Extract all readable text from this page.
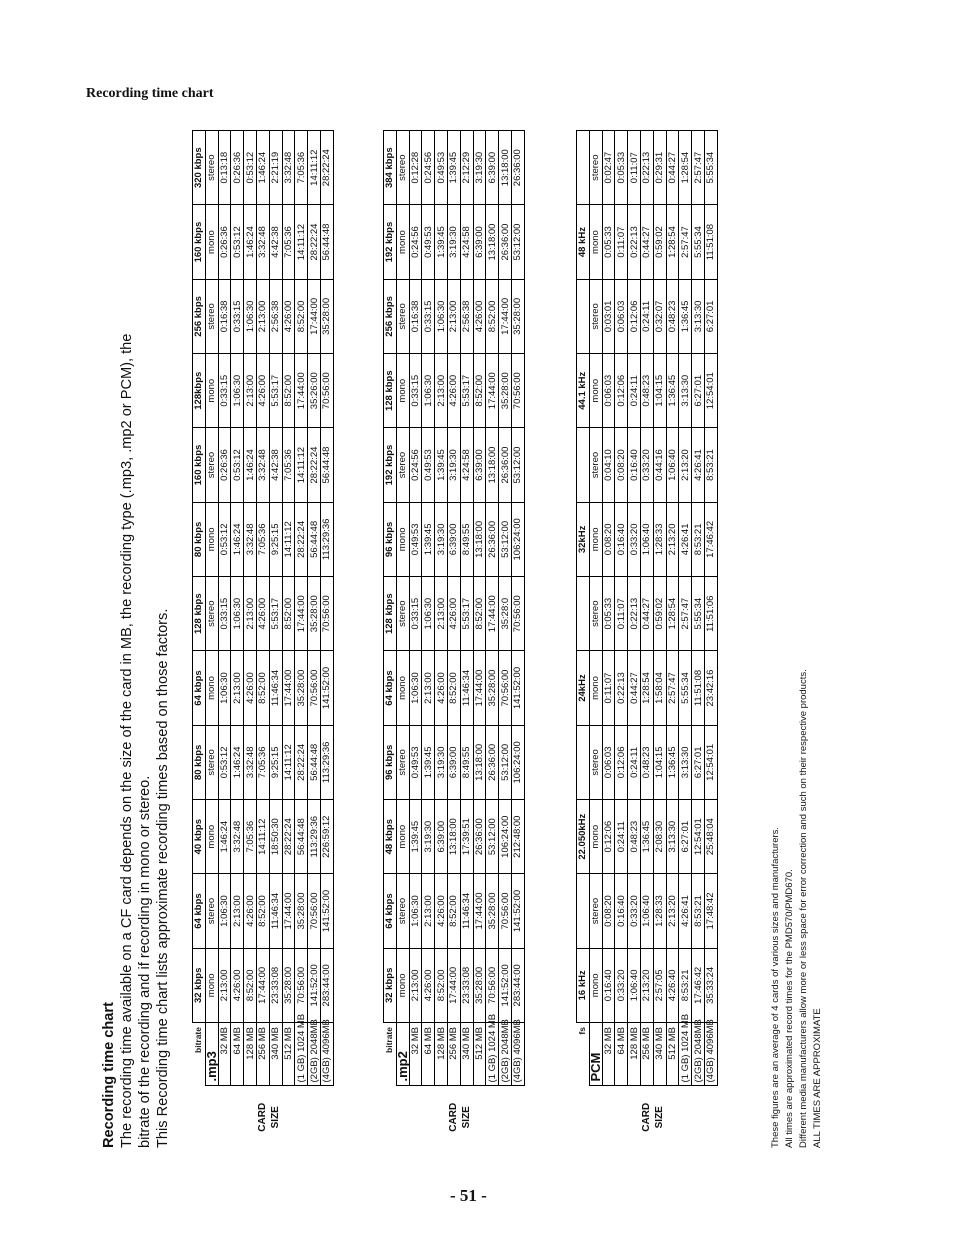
Recording time chart
Recording time chart The recording time available on a CF card depends on the size of the card in MB, the recording type (.mp3, .mp2 or PCM), the bitrate of the recording and if recording in mono or stereo. This Recording time chart lists approximate recording times based on those factors.

		bitrate	32 kbps	64 kbps	40 kbps	80 kbps	64 kbps	128 kbps	80 kbps	160 kbps	128kbps	256 kbps	160 kbps	320 kbps
	.mp3	mono	stereo	mono	stereo	mono	stereo	mono	stereo	mono	stereo	mono	stereo
	32 MB	2:13:00	1:06:30	1:46:24	0:53:12	1:06:30	0:33:15	0:53:12	0:26:36	0:33:15	0:16:38	0:26:36	0:13:18
	64 MB	4:26:00	2:13:00	3:32:48	1:46:24	2:13:00	1:06:30	1:46:24	0:53:12	1:06:30	0:33:15	0:53:12	0:26:36
	128 MB	8:52:00	4:26:00	7:05:36	3:32:48	4:26:00	2:13:00	3:32:48	1:46:24	2:13:00	1:06:30	1:46:24	0:53:12

CARD	256 MB	17:44:00	8:52:00	14:11:12	7:05:36	8:52:00	4:26:00	7:05:36	3:32:48	4:26:00	2:13:00	3:32:48	1:46:24

SIZE	340 MB	23:33:08	11:46:34	18:50:30	9:25:15	11:46:34	5:53:17	9:25:15	4:42:38	5:53:17	2:56:38	4:42:38	2:21:19
	512 MB	35:28:00	17:44:00	28:22:24	14:11:12	17:44:00	8:52:00	14:11:12	7:05:36	8:52:00	4:26:00	7:05:36	3:32:48
	(1 GB) 1024 MB	70:56:00	35:28:00	56:44:48	28:22:24	35:28:00	17:44:00	28:22:24	14:11:12	17:44:00	8:52:00	14:11:12	7:05:36
	(2GB) 2048MB	141:52:00	70:56:00	113:29:36	56:44:48	70:56:00	35:28:00	56:44:48	28:22:24	35:26:00	17:44:00	28:22:24	14:11:12
	(4GB) 4096MB	283:44:00	141:52:00	226:59:12	113:29:36	141:52:00	70:56:00	113:29:36	56:44:48	70:56:00	35:28:00	56:44:48	28:22:24
	bitrate	32 kbps	64 kbps	48 kbps	96 kbps	64 kbps	128 kbps	96 kbps	192 kbps	128 kbps	256 kbps	192 kbps	384 kbps
	.mp2	mono	stereo	mono	stereo	mono	stereo	mono	stereo	mono	stereo	mono	stereo
	32 MB	2:13:00	1:06:30	1:39:45	0:49:53	1:06:30	0:33:15	0:49:53	0:24:56	0:33:15	0:16:38	0:24:56	0:12:28
	64 MB	4:26:00	2:13:00	3:19:30	1:39:45	2:13:00	1:06:30	1:39:45	0:49:53	1:06:30	0:33:15	0:49:53	0:24:56
	128 MB	8:52:00	4:26:00	6:39:00	3:19:30	4:26:00	2:13:00	3:19:30	1:39:45	2:13:00	1:06:30	1:39:45	0:49:53

CARD	256 MB	17:44:00	8:52:00	13:18:00	6:39:00	8:52:00	4:26:00	6:39:00	3:19:30	4:26:00	2:13:00	3:19:30	1:39:45

SIZE	340 MB	23:33:08	11:46:34	17:39:51	8:49:55	11:46:34	5:53:17	8:49:55	4:24:58	5:53:17	2:56:38	4:24:58	2:12:29
	512 MB	35:28:00	17:44:00	26:36:00	13:18:00	17:44:00	8:52:00	13:18:00	6:39:00	8:52:00	4:26:00	6:39:00	3:19:30
	(1 GB) 1024 MB	70:56:00	35:28:00	53:12:00	26:36:00	35:28:00	17:44:00	26:36:00	13:18:00	17:44:00	8:52:00	13:18:00	6:39:00
	(2GB) 2048MB	141:52:00	70:56:00	106:24:00	53:12:00	70:56:00	35:28:0	53:12:00	26:36:00	35:28:00	17:44:00	26:36:00	13:18:00
	(4GB) 4096MB	283:44:00	141:52:00	212:48:00	106:24:00	141:52:00	70:56:00	106:24:00	53:12:00	70:56:00	35:28:00	53:12:00	26:36:00
	fs	16 kHz		22.050kHz		24kHz		32kHz		44.1 kHz		48 kHz	
	PCM	mono	stereo	mono	stereo	mono	stereo	mono	stereo	mono	stereo	mono	stereo
	32 MB	0:16:40	0:08:20	0:12:06	0:06:03	0:11:07	0:05:33	0:08:20	0:04:10	0:06:03	0:03:01	0:05:33	0:02:47
	64 MB	0:33:20	0:16:40	0:24:11	0:12:06	0:22:13	0:11:07	0:16:40	0:08:20	0:12:06	0:06:03	0:11:07	0:05:33
	128 MB	1:06:40	0:33:20	0:48:23	0:24:11	0:44:27	0:22:13	0:33:20	0:16:40	0:24:11	0:12:06	0:22:13	0:11:07

CARD	256 MB	2:13:20	1:06:40	1:36:45	0:48:23	1:28:54	0:44:27	1:06:40	0:33:20	0:48:23	0:24:11	0:44:27	0:22:13

SIZE	340 MB	2:57:05	1:28:33	2:08:30	1:04:15	1:58:04	0:59:02	1:28:33	0:44:16	1:04:15	0:32:07	0:59:02	0:29:31
	512 MB	4:26:40	2:13:20	3:13:30	1:36:45	2:57:47	1:28:54	2:13:20	1:06:40	1:36:45	0:48:23	1:28:54	0:44:27
	(1 GB) 1024 MB	8:53:21	4:26:41	6:27:01	3:13:30	5:55:34	2:57:47	4:26:41	2:13:20	3:13:30	1:36:45	2:57:47	1:28:54
	(2GB) 2048MB	17:46:42	8:53:21	12:54:01	6:27:01	11:51:08	5:55:34	8:53:21	4:26:41	6:27:01	3:13:30	5:55:34	2:57:47
	(4GB) 4096MB	35:33:24	17:48:42	25:48:04	12:54:01	23:42:16	11:51:06	17:46:42	8:53:21	12:54:01	6:27:01	11:51:08	5:55:34

These figures are an average of 4 cards of various sizes and manufacturers. All times are approximated record times for the PMD570/PMD670. Different media manufacturers allow more or less space for error correction and such on their respective products. ALL TIMES ARE APPROXIMATE

- 51 -
